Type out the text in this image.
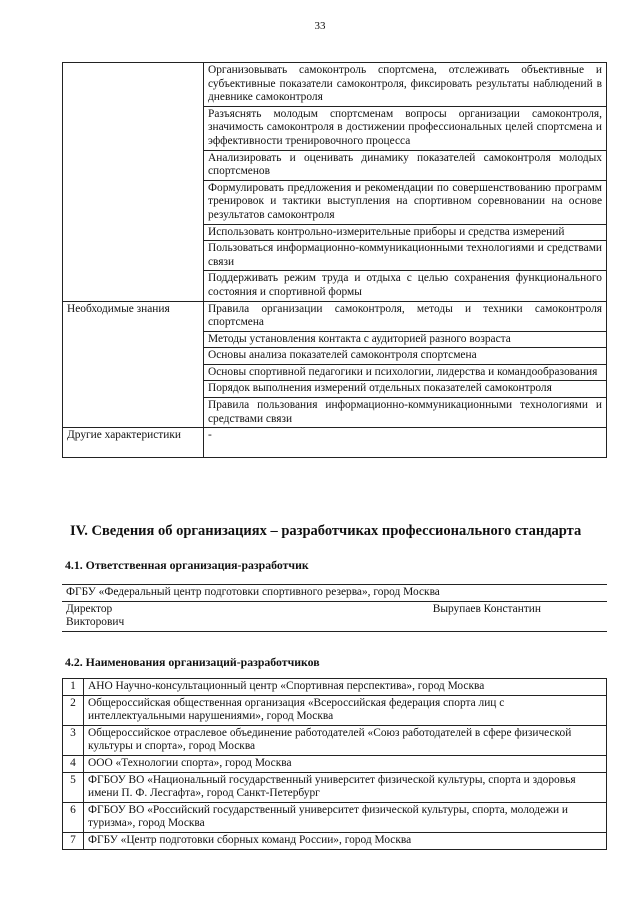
33
	Организовывать самоконтроль спортсмена, отслеживать объективные и субъективные показатели самоконтроля, фиксировать результаты наблюдений в дневнике самоконтроля
	Разъяснять молодым спортсменам вопросы организации самоконтроля, значимость самоконтроля в достижении профессиональных целей спортсмена и эффективности тренировочного процесса
	Анализировать и оценивать динамику показателей самоконтроля молодых спортсменов
	Формулировать предложения и рекомендации по совершенствованию программ тренировок и тактики выступления на спортивном соревновании на основе результатов самоконтроля
	Использовать контрольно-измерительные приборы и средства измерений
	Пользоваться информационно-коммуникационными технологиями и средствами связи
	Поддерживать режим труда и отдыха с целью сохранения функционального состояния и спортивной формы
Необходимые знания	Правила организации самоконтроля, методы и техники самоконтроля спортсмена
	Методы установления контакта с аудиторией разного возраста
	Основы анализа показателей самоконтроля спортсмена
	Основы спортивной педагогики и психологии, лидерства и командообразования
	Порядок выполнения измерений отдельных показателей самоконтроля
	Правила пользования информационно-коммуникационными технологиями и средствами связи
Другие характеристики	-
IV. Сведения об организациях – разработчиках профессионального стандарта
4.1. Ответственная организация-разработчик
ФГБУ «Федеральный центр подготовки спортивного резерва», город Москва

Директор	Вырупаев Константин
Викторович
4.2. Наименования организаций-разработчиков
1	АНО Научно-консультационный центр «Спортивная перспектива», город Москва
2	Общероссийская общественная организация «Всероссийская федерация спорта лиц с интеллектуальными нарушениями», город Москва
3	Общероссийское отраслевое объединение работодателей «Союз работодателей в сфере физической культуры и спорта», город Москва
4	ООО «Технологии спорта», город Москва
5	ФГБОУ ВО «Национальный государственный университет физической культуры, спорта и здоровья имени П. Ф. Лесгафта», город Санкт-Петербург
6	ФГБОУ ВО «Российский государственный университет физической культуры, спорта, молодежи и туризма», город Москва
7	ФГБУ «Центр подготовки сборных команд России», город Москва
